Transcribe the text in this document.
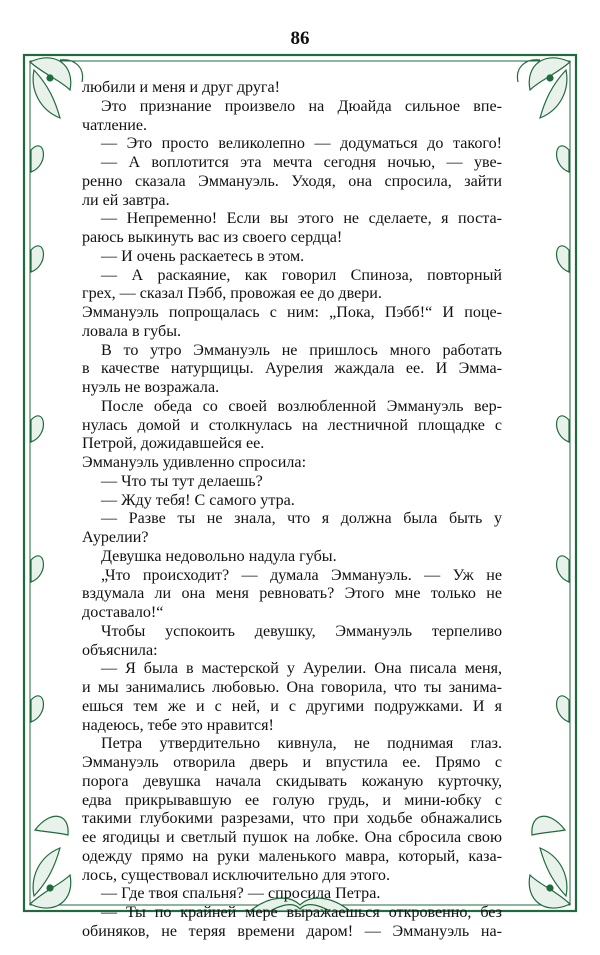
86

любили и меня и друг друга!

Это признание произвело на Дюайда сильное впе-

чатление.

— Это просто великолепно — додуматься до такого!

— А воплотится эта мечта сегодня ночью, — уве-

ренно сказала Эммануэль. Уходя, она спросила, зайти

ли ей завтра.

— Непременно! Если вы этого не сделаете, я поста-

раюсь выкинуть вас из своего сердца!

— И очень раскаетесь в этом.

— А раскаяние, как говорил Спиноза, повторный

грех, — сказал Пэбб, провожая ее до двери.

Эммануэль попрощалась с ним: „Пока, Пэбб!“ И поце-

ловала в губы.

В то утро Эммануэль не пришлось много работать

в качестве натурщицы. Аурелия жаждала ее. И Эмма-

нуэль не возражала.

После обеда со своей возлюбленной Эммануэль вер-

нулась домой и столкнулась на лестничной площадке с

Петрой, дожидавшейся ее.

Эммануэль удивленно спросила:

— Что ты тут делаешь?

— Жду тебя! С самого утра.

— Разве ты не знала, что я должна была быть у

Аурелии?

Девушка недовольно надула губы.

„Что происходит? — думала Эммануэль. — Уж не

вздумала ли она меня ревновать? Этого мне только не

доставало!“

Чтобы успокоить девушку, Эммануэль терпеливо

объяснила:

— Я была в мастерской у Аурелии. Она писала меня,

и мы занимались любовью. Она говорила, что ты занима-

ешься тем же и с ней, и с другими подружками. И я

надеюсь, тебе это нравится!

Петра утвердительно кивнула, не поднимая глаз.

Эммануэль отворила дверь и впустила ее. Прямо с

порога девушка начала скидывать кожаную курточку,

едва прикрывавшую ее голую грудь, и мини-юбку с

такими глубокими разрезами, что при ходьбе обнажались

ее ягодицы и светлый пушок на лобке. Она сбросила свою

одежду прямо на руки маленького мавра, который, каза-

лось, существовал исключительно для этого.

— Где твоя спальня? — спросила Петра.

— Ты по крайней мере выражаешься откровенно, без

обиняков, не теряя времени даром! — Эммануэль на-
